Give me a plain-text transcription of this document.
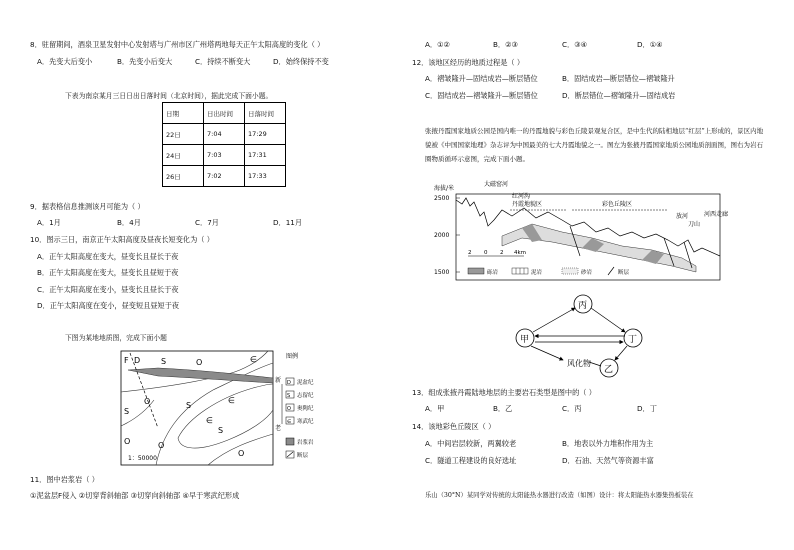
8．驻留期间，酒泉卫星发射中心发射塔与广州市区广州塔两地每天正午太阳高度的变化（ ）
A．先变大后变小	B．先变小后变大	C．持续不断变大	D．始终保持不变
下表为南京某月三日日出日落时间（北京时间），据此完成下面小题。
日期	日出时间	日落时间
22日	7:04	17:29
24日	7:03	17:31
26日	7:02	17:33
9．据表格信息推测该月可能为（ ）
A．1月	B．4月	C．7月	D．11月
10．图示三日，南京正午太阳高度及昼夜长短变化为（ ）
A．正午太阳高度在变大，昼变长且昼长于夜
B．正午太阳高度在变大，昼变长且昼短于夜
C．正午太阳高度在变小，昼变长且昼长于夜
D．正午太阳高度在变小，昼变短且昼短于夜
下图为某地地质图，完成下面小题
F D	S	O	∈
O
S
∈
S
O	O
S
∈
O
1：50000
图例
新
老
D 泥盆纪
S 志留纪
O 奥陶纪
∈ 寒武纪
岩浆岩
断层
11．图中岩浆岩（ ）
①泥盆层F侵入 ②切穿背斜轴部 ③切穿向斜轴部 ④早于寒武纪形成
A．①②	B．②③	C．③④	D．①④
12．该地区经历的地质过程是（ ）
A．褶皱隆升—固结成岩—断层错位	B．固结成岩—断层错位—褶皱隆升
C．固结成岩—褶皱隆升—断层错位	D．断层错位—褶皱隆升—固结成岩
张掖丹霞国家地质公园是国内唯一的丹霞地貌与彩色丘陵景观复合区，是中生代的陆相地层“红层”上形成的，景区内地貌被《中国国家地理》杂志评为中国最美的七大丹霞地貌之一。图左为张掖丹霞国家地质公园地质剖面图，图右为岩石圈物质循环示意图，完成下面小题。
海拔/米
2500
2000
1500
大磁窑河
红河沟
丹霞地貌区	彩色丘陵区
放河
刀山
河西走廊
2 0 2 4km
砾岩	泥岩	砂岩	断层
丙
甲	丁
乙
风化物
13．组成张掖丹霞陆地地层的主要岩石类型是图中的（ ）
A．甲	B．乙	C．丙	D．丁
14．该地彩色丘陵区（ ）
A．中间岩层较新，两翼较老	B．地表以外力堆积作用为主
C．隧道工程建设的良好选址	D．石油、天然气等资源丰富
乐山（30°N）某同学对传统的太阳能热水器进行改造（如图）设计：将太阳能热水器集热板装在
